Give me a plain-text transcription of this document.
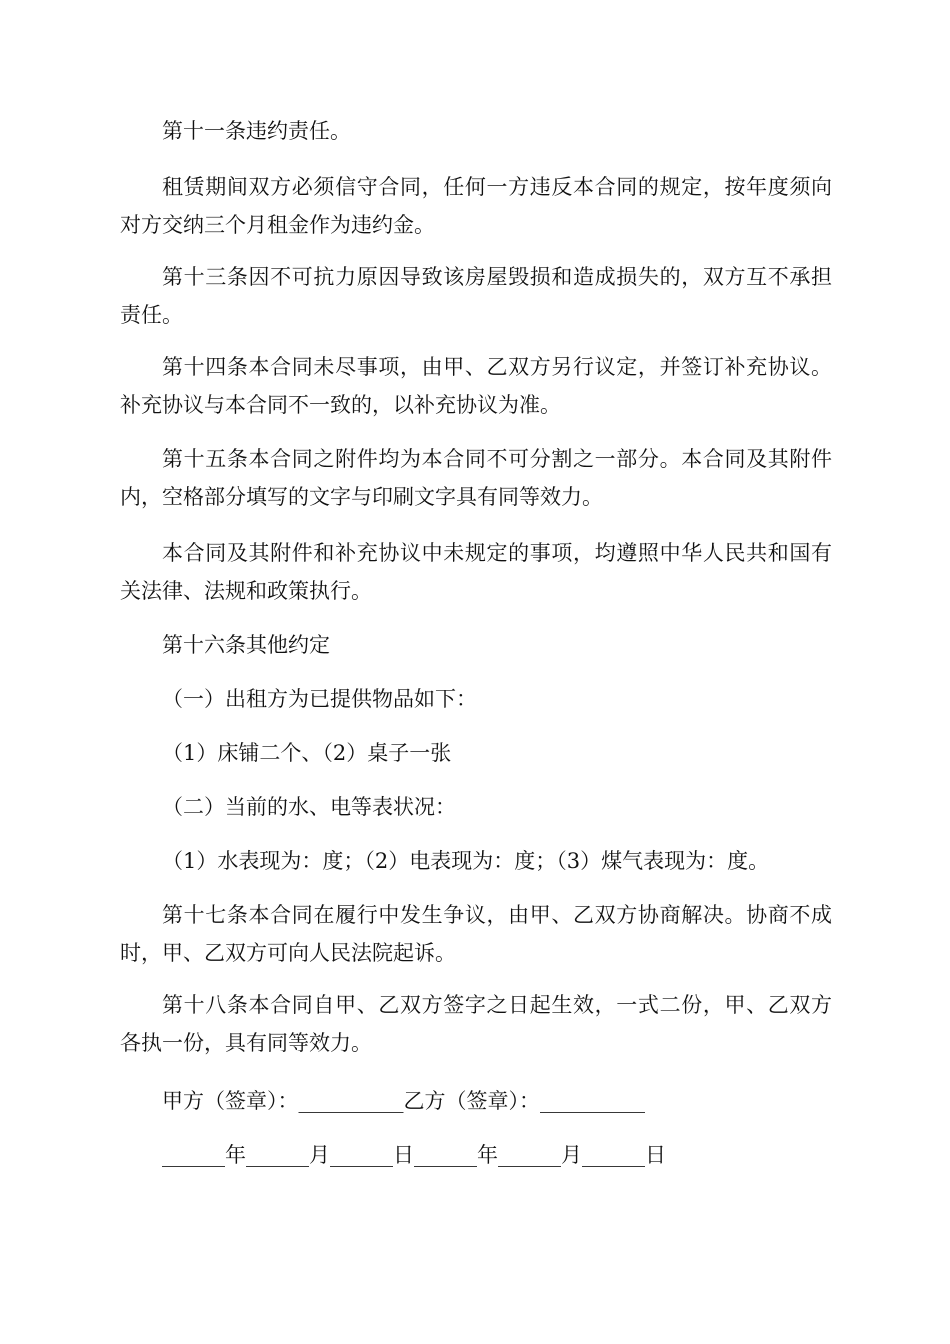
第十一条违约责任。

租赁期间双方必须信守合同，任何一方违反本合同的规定，按年度须向对方交纳三个月租金作为违约金。

第十三条因不可抗力原因导致该房屋毁损和造成损失的，双方互不承担责任。

第十四条本合同未尽事项，由甲、乙双方另行议定，并签订补充协议。补充协议与本合同不一致的，以补充协议为准。

第十五条本合同之附件均为本合同不可分割之一部分。本合同及其附件内，空格部分填写的文字与印刷文字具有同等效力。

本合同及其附件和补充协议中未规定的事项，均遵照中华人民共和国有关法律、法规和政策执行。

第十六条其他约定

（一）出租方为已提供物品如下：

（1）床铺二个、（2）桌子一张

（二）当前的水、电等表状况：

（1）水表现为：度；（2）电表现为：度；（3）煤气表现为：度。

第十七条本合同在履行中发生争议，由甲、乙双方协商解决。协商不成时，甲、乙双方可向人民法院起诉。

第十八条本合同自甲、乙双方签字之日起生效，一式二份，甲、乙双方各执一份，具有同等效力。

甲方（签章）：__________乙方（签章）：__________

______年______月______日______年______月______日
